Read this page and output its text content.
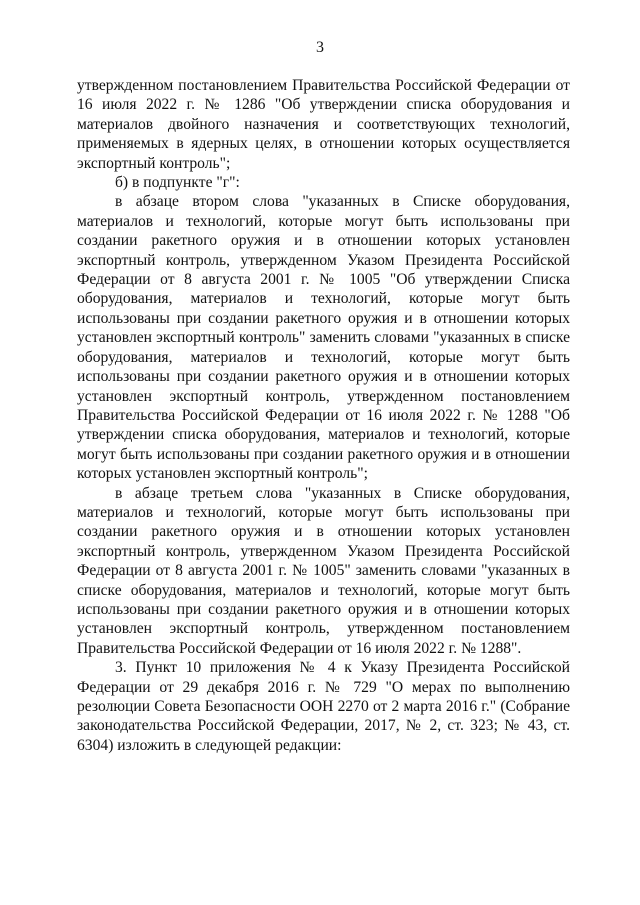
3

утвержденном постановлением Правительства Российской Федерации от 16 июля 2022 г. № 1286 "Об утверждении списка оборудования и материалов двойного назначения и соответствующих технологий, применяемых в ядерных целях, в отношении которых осуществляется экспортный контроль";

б) в подпункте "г":

в абзаце втором слова "указанных в Списке оборудования, материалов и технологий, которые могут быть использованы при создании ракетного оружия и в отношении которых установлен экспортный контроль, утвержденном Указом Президента Российской Федерации от 8 августа 2001 г. № 1005 "Об утверждении Списка оборудования, материалов и технологий, которые могут быть использованы при создании ракетного оружия и в отношении которых установлен экспортный контроль" заменить словами "указанных в списке оборудования, материалов и технологий, которые могут быть использованы при создании ракетного оружия и в отношении которых установлен экспортный контроль, утвержденном постановлением Правительства Российской Федерации от 16 июля 2022 г. № 1288 "Об утверждении списка оборудования, материалов и технологий, которые могут быть использованы при создании ракетного оружия и в отношении которых установлен экспортный контроль";

в абзаце третьем слова "указанных в Списке оборудования, материалов и технологий, которые могут быть использованы при создании ракетного оружия и в отношении которых установлен экспортный контроль, утвержденном Указом Президента Российской Федерации от 8 августа 2001 г. № 1005" заменить словами "указанных в списке оборудования, материалов и технологий, которые могут быть использованы при создании ракетного оружия и в отношении которых установлен экспортный контроль, утвержденном постановлением Правительства Российской Федерации от 16 июля 2022 г. № 1288".

3. Пункт 10 приложения № 4 к Указу Президента Российской Федерации от 29 декабря 2016 г. № 729 "О мерах по выполнению резолюции Совета Безопасности ООН 2270 от 2 марта 2016 г." (Собрание законодательства Российской Федерации, 2017, № 2, ст. 323; № 43, ст. 6304) изложить в следующей редакции:
